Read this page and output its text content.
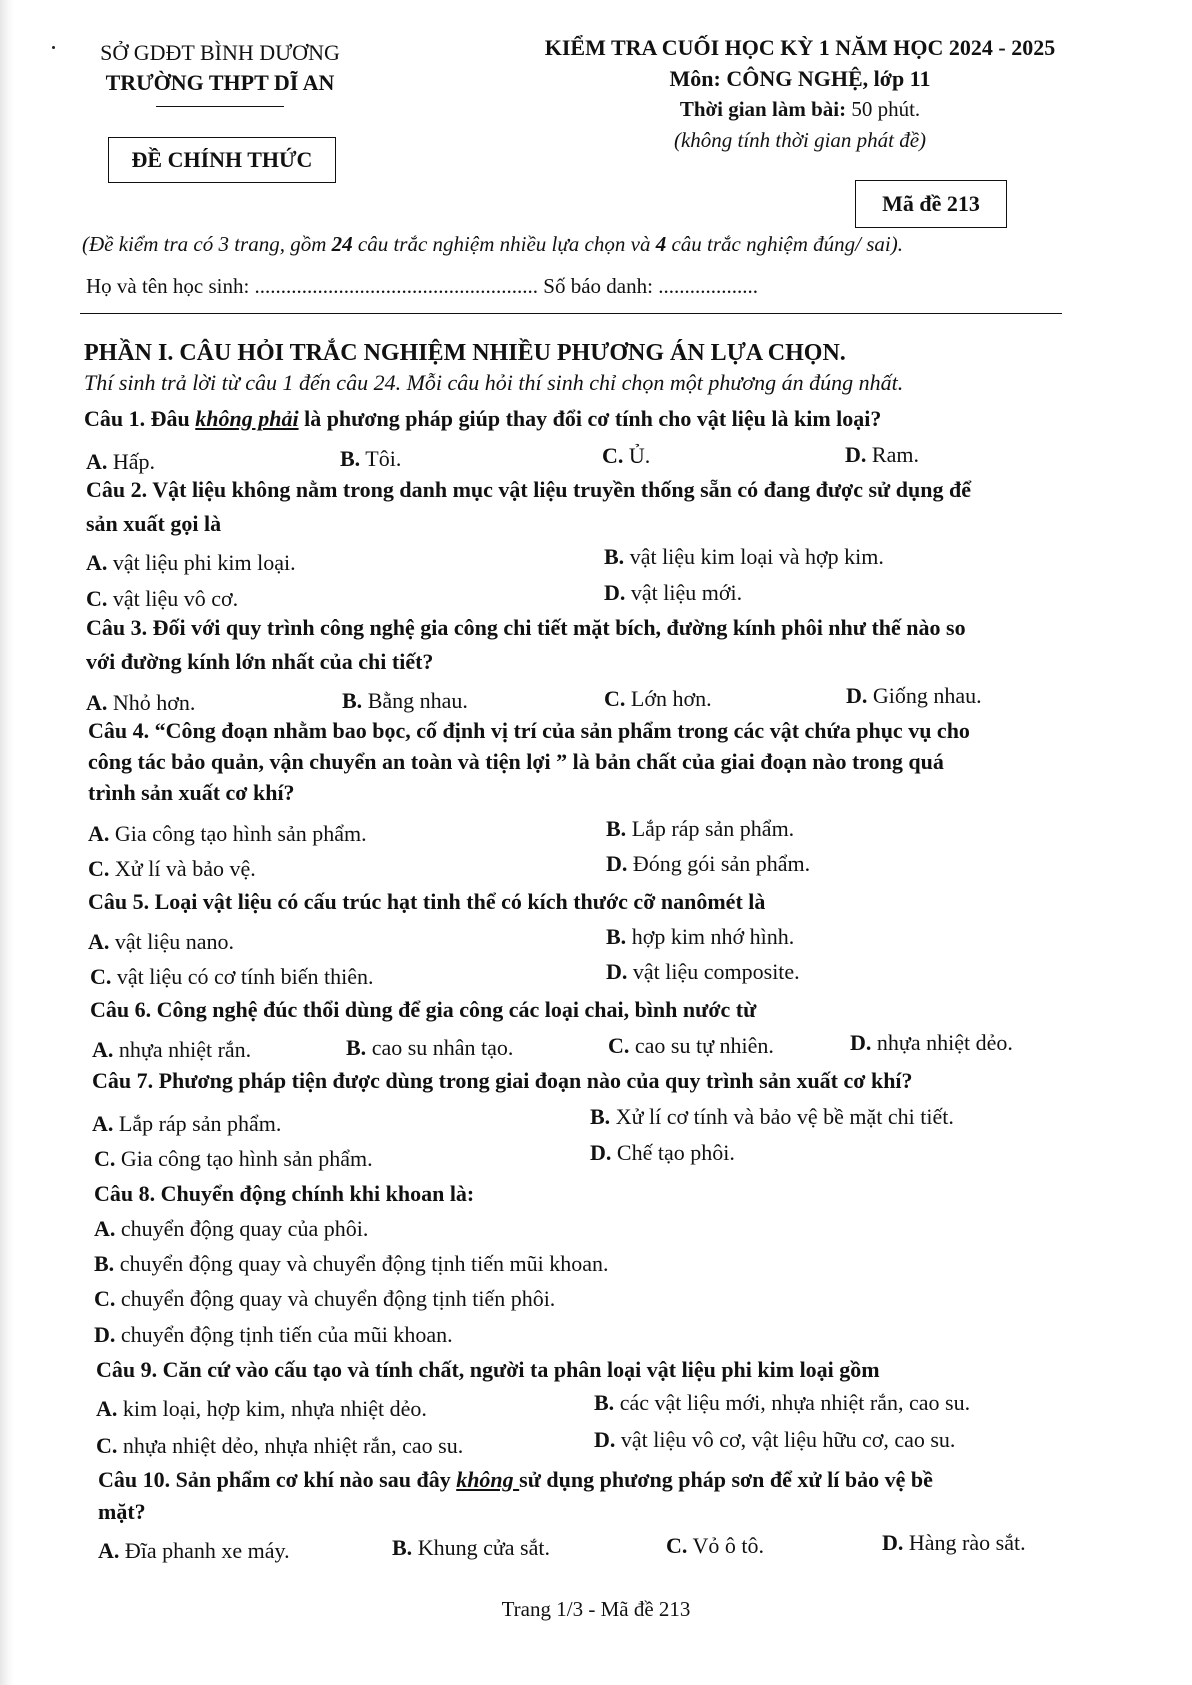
SỞ GDĐT BÌNH DƯƠNG
TRƯỜNG THPT DĨ AN
ĐỀ CHÍNH THỨC
KIỂM TRA CUỐI HỌC KỲ 1 NĂM HỌC 2024 - 2025
Môn: CÔNG NGHỆ, lớp 11
Thời gian làm bài: 50 phút.
(không tính thời gian phát đề)
Mã đề 213
(Đề kiểm tra có 3 trang, gồm 24 câu trắc nghiệm nhiều lựa chọn và 4 câu trắc nghiệm đúng/ sai).
Họ và tên học sinh: ...................................................... Số báo danh: ...................
PHẦN I. CÂU HỎI TRẮC NGHIỆM NHIỀU PHƯƠNG ÁN LỰA CHỌN.
Thí sinh trả lời từ câu 1 đến câu 24. Mỗi câu hỏi thí sinh chỉ chọn một phương án đúng nhất.
Câu 1. Đâu không phải là phương pháp giúp thay đổi cơ tính cho vật liệu là kim loại?
A. Hấp.	B. Tôi.	C. Ủ.	D. Ram.
Câu 2. Vật liệu không nằm trong danh mục vật liệu truyền thống sẵn có đang được sử dụng để
sản xuất gọi là
A. vật liệu phi kim loại.	B. vật liệu kim loại và hợp kim.
C. vật liệu vô cơ.	D. vật liệu mới.
Câu 3. Đối với quy trình công nghệ gia công chi tiết mặt bích, đường kính phôi như thế nào so
với đường kính lớn nhất của chi tiết?
A. Nhỏ hơn.	B. Bằng nhau.	C. Lớn hơn.	D. Giống nhau.
Câu 4. “Công đoạn nhằm bao bọc, cố định vị trí của sản phẩm trong các vật chứa phục vụ cho
công tác bảo quản, vận chuyển an toàn và tiện lợi ” là bản chất của giai đoạn nào trong quá
trình sản xuất cơ khí?
A. Gia công tạo hình sản phẩm.	B. Lắp ráp sản phẩm.
C. Xử lí và bảo vệ.	D. Đóng gói sản phẩm.
Câu 5. Loại vật liệu có cấu trúc hạt tinh thể có kích thước cỡ nanômét là
A. vật liệu nano.	B. hợp kim nhớ hình.
C. vật liệu có cơ tính biến thiên.	D. vật liệu composite.
Câu 6. Công nghệ đúc thổi dùng để gia công các loại chai, bình nước từ
A. nhựa nhiệt rắn.	B. cao su nhân tạo.	C. cao su tự nhiên.	D. nhựa nhiệt dẻo.
Câu 7. Phương pháp tiện được dùng trong giai đoạn nào của quy trình sản xuất cơ khí?
A. Lắp ráp sản phẩm.	B. Xử lí cơ tính và bảo vệ bề mặt chi tiết.
C. Gia công tạo hình sản phẩm.	D. Chế tạo phôi.
Câu 8. Chuyển động chính khi khoan là:
A. chuyển động quay của phôi.
B. chuyển động quay và chuyển động tịnh tiến mũi khoan.
C. chuyển động quay và chuyển động tịnh tiến phôi.
D. chuyển động tịnh tiến của mũi khoan.
Câu 9. Căn cứ vào cấu tạo và tính chất, người ta phân loại vật liệu phi kim loại gồm
A. kim loại, hợp kim, nhựa nhiệt dẻo.	B. các vật liệu mới, nhựa nhiệt rắn, cao su.
C. nhựa nhiệt dẻo, nhựa nhiệt rắn, cao su.	D. vật liệu vô cơ, vật liệu hữu cơ, cao su.
Câu 10. Sản phẩm cơ khí nào sau đây không sử dụng phương pháp sơn để xử lí bảo vệ bề
mặt?
A. Đĩa phanh xe máy.	B. Khung cửa sắt.	C. Vỏ ô tô.	D. Hàng rào sắt.
Trang 1/3 - Mã đề 213
